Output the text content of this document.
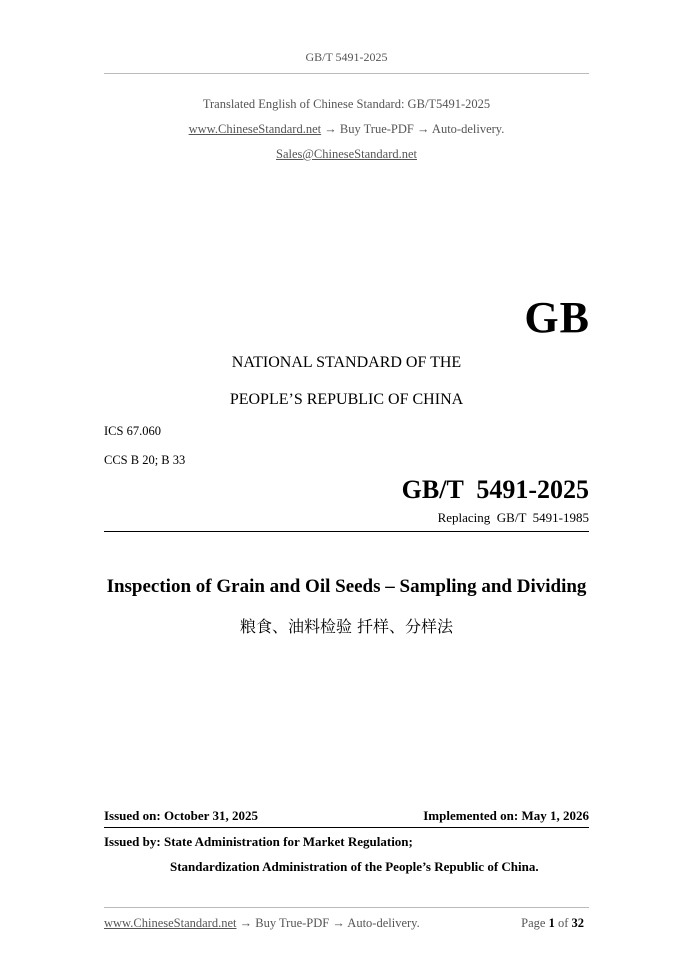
GB/T 5491-2025
Translated English of Chinese Standard: GB/T5491-2025
www.ChineseStandard.net → Buy True-PDF → Auto-delivery.
Sales@ChineseStandard.net
GB
NATIONAL STANDARD OF THE
PEOPLE’S REPUBLIC OF CHINA
ICS 67.060
CCS B 20; B 33
GB/T  5491-2025
Replacing  GB/T  5491-1985
Inspection of Grain and Oil Seeds – Sampling and Dividing
粮食、油料检验 扦样、分样法
Issued on: October 31, 2025	Implemented on: May 1, 2026
Issued by: State Administration for Market Regulation;
Standardization Administration of the People’s Republic of China.
www.ChineseStandard.net → Buy True-PDF → Auto-delivery.	Page 1 of 32
